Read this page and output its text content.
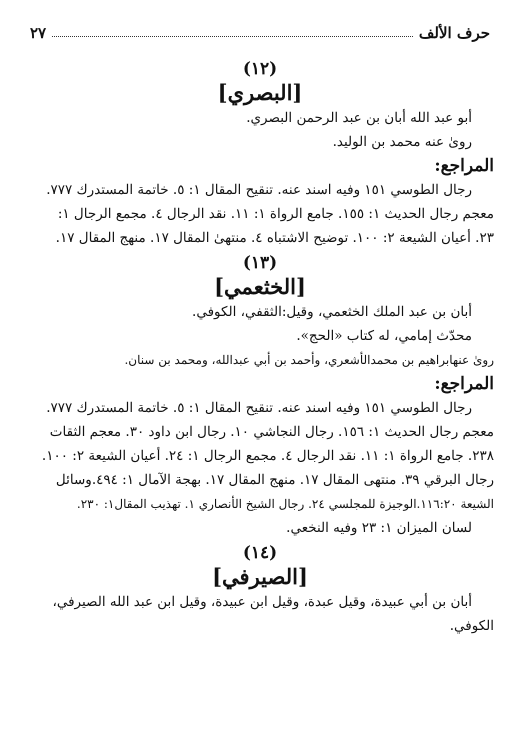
حرف الألف
٢٧
(١٢)
[البصري]
أبو عبد الله أبان بن عبد الرحمن البصري.
روىٰ عنه محمد بن الوليد.
المراجع:
رجال الطوسي ١٥١ وفيه اسند عنه. تنقيح المقال ١: ٥. خاتمة المستدرك ٧٧٧.
معجم رجال الحديث ١: ١٥٥. جامع الرواة ١: ١١. نقد الرجال ٤. مجمع الرجال ١:
٢٣. أعيان الشيعة ٢: ١٠٠. توضيح الاشتباه ٤. منتهىٰ المقال ١٧. منهج المقال ١٧.
(١٣)
[الخثعمي]
أبان بن عبد الملك الخثعمي، وقيل:الثقفي، الكوفي.
محدّث إمامي، له كتاب «الحج».
روىٰ عنهابراهيم بن محمدالأشعري، وأحمد بن أبي عبدالله، ومحمد بن سنان.
المراجع:
رجال الطوسي ١٥١ وفيه اسند عنه. تنقيح المقال ١: ٥. خاتمة المستدرك ٧٧٧.
معجم رجال الحديث ١: ١٥٦. رجال النجاشي ١٠. رجال ابن داود ٣٠. معجم الثقات
٢٣٨. جامع الرواة ١: ١١. نقد الرجال ٤. مجمع الرجال ١: ٢٤. أعيان الشيعة ٢: ١٠٠.
رجال البرقي ٣٩. منتهى المقال ١٧. منهج المقال ١٧. بهجة الآمال ١: ٤٩٤.وسائل
الشيعة ١١٦:٢٠.الوجيزة للمجلسي ٢٤. رجال الشيخ الأنصاري ١. تهذيب المقال١: ٢٣٠.
لسان الميزان ١: ٢٣ وفيه النخعي.
(١٤)
[الصيرفي]
أبان بن أبي عبيدة، وقيل عبدة، وقيل ابن عبيدة، وقيل ابن عبد الله الصيرفي،
الكوفي.
